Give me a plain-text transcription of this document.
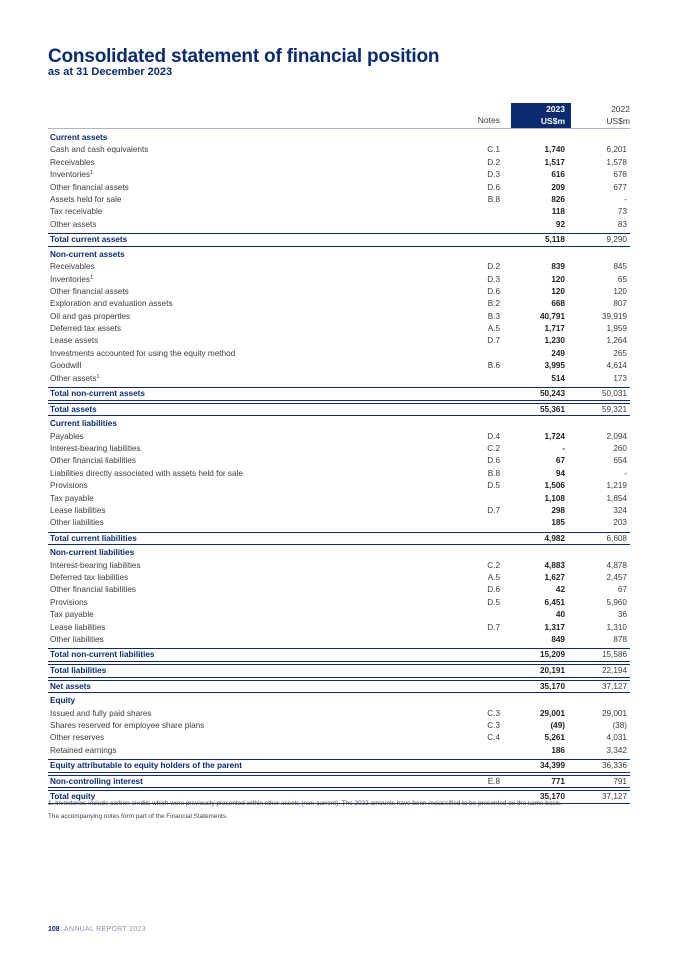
Consolidated statement of financial position
as at 31 December 2023
Notes
2023
US$m
2022
US$m
Current assets
Cash and cash equivalents	C.1	1,740	6,201
Receivables	D.2	1,517	1,578
Inventories$^1$	D.3	616	678
Other financial assets	D.6	209	677
Assets held for sale	B.8	826	-
Tax receivable	118	73
Other assets	92	83
Total current assets	5,118	9,290
Non-current assets
Receivables	D.2	839	845
Inventories$^1$	D.3	120	65
Other financial assets	D.6	120	120
Exploration and evaluation assets	B.2	668	807
Oil and gas properties	B.3	40,791	39,919
Deferred tax assets	A.5	1,717	1,959
Lease assets	D.7	1,230	1,264
Investments accounted for using the equity method	249	265
Goodwill	B.6	3,995	4,614
Other assets$^1$	514	173
Total non-current assets	50,243	50,031
Total assets	55,361	59,321
Current liabilities
Payables	D.4	1,724	2,094
Interest-bearing liabilities	C.2	-	260
Other financial liabilities	D.6	67	654
Liabilities directly associated with assets held for sale	B.8	94	-
Provisions	D.5	1,506	1,219
Tax payable	1,108	1,854
Lease liabilities	D.7	298	324
Other liabilities	185	203
Total current liabilities	4,982	6,608
Non-current liabilities
Interest-bearing liabilities	C.2	4,883	4,878
Deferred tax liabilities	A.5	1,627	2,457
Other financial liabilities	D.6	42	67
Provisions	D.5	6,451	5,960
Tax payable	40	36
Lease liabilities	D.7	1,317	1,310
Other liabilities	849	878
Total non-current liabilities	15,209	15,586
Total liabilities	20,191	22,194
Net assets	35,170	37,127
Equity
Issued and fully paid shares	C.3	29,001	29,001
Shares reserved for employee share plans	C.3	(49)	(38)
Other reserves	C.4	5,261	4,031
Retained earnings	186	3,342
Equity attributable to equity holders of the parent	34,399	36,336
Non-controlling interest	E.8	771	791
Total equity	35,170	37,127
1. Inventories include carbon credits which were previously presented within other assets (non-current). The 2022 amounts have been reclassified to be presented on the same basis.
The accompanying notes form part of the Financial Statements.
108 ANNUAL REPORT 2023
